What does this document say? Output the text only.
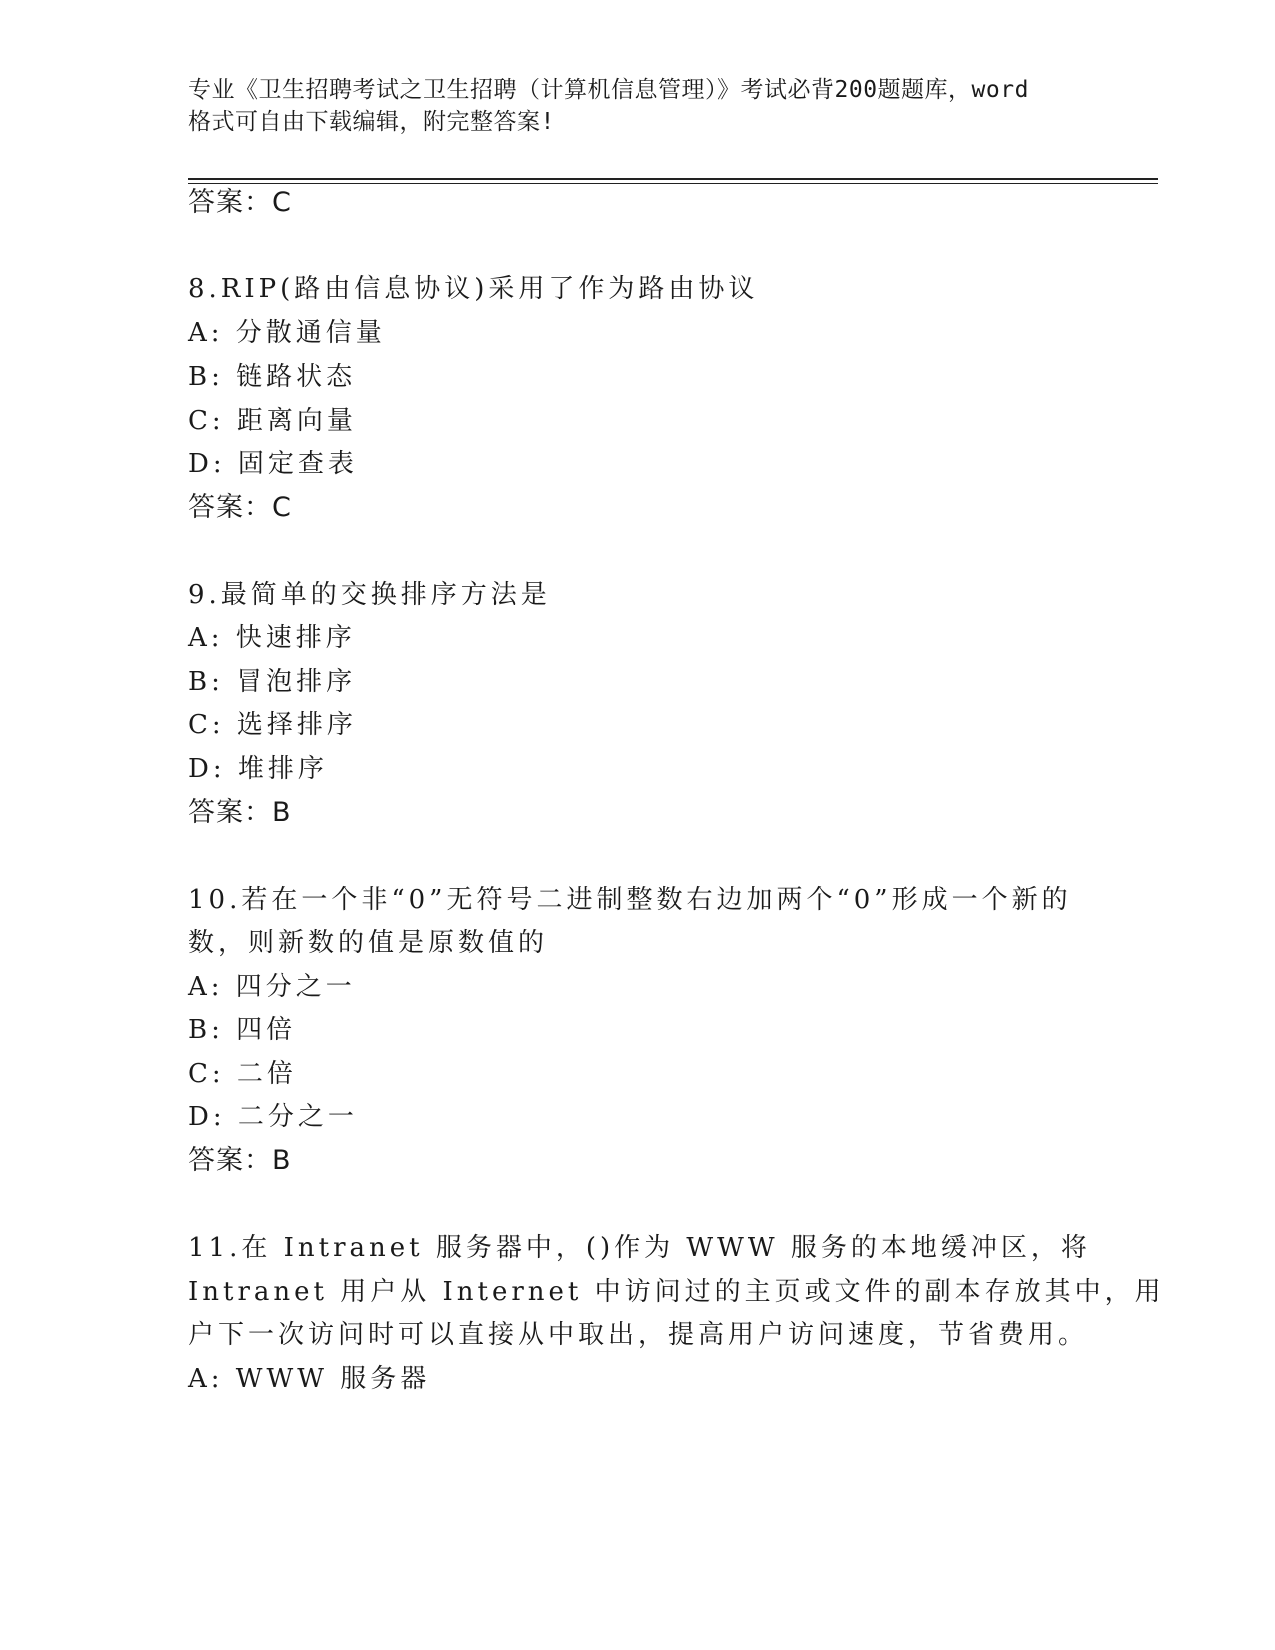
专业《卫生招聘考试之卫生招聘（计算机信息管理）》考试必背200题题库，word
格式可自由下载编辑，附完整答案!
答案：C
8.RIP(路由信息协议)采用了作为路由协议
A: 分散通信量
B: 链路状态
C: 距离向量
D: 固定查表
答案：C
9.最简单的交换排序方法是
A: 快速排序
B: 冒泡排序
C: 选择排序
D: 堆排序
答案：B
10.若在一个非“0”无符号二进制整数右边加两个“0”形成一个新的
数，则新数的值是原数值的
A: 四分之一
B: 四倍
C: 二倍
D: 二分之一
答案：B
11.在 Intranet 服务器中，()作为 WWW 服务的本地缓冲区，将
Intranet 用户从 Internet 中访问过的主页或文件的副本存放其中，用
户下一次访问时可以直接从中取出，提高用户访问速度，节省费用。
A: WWW 服务器
